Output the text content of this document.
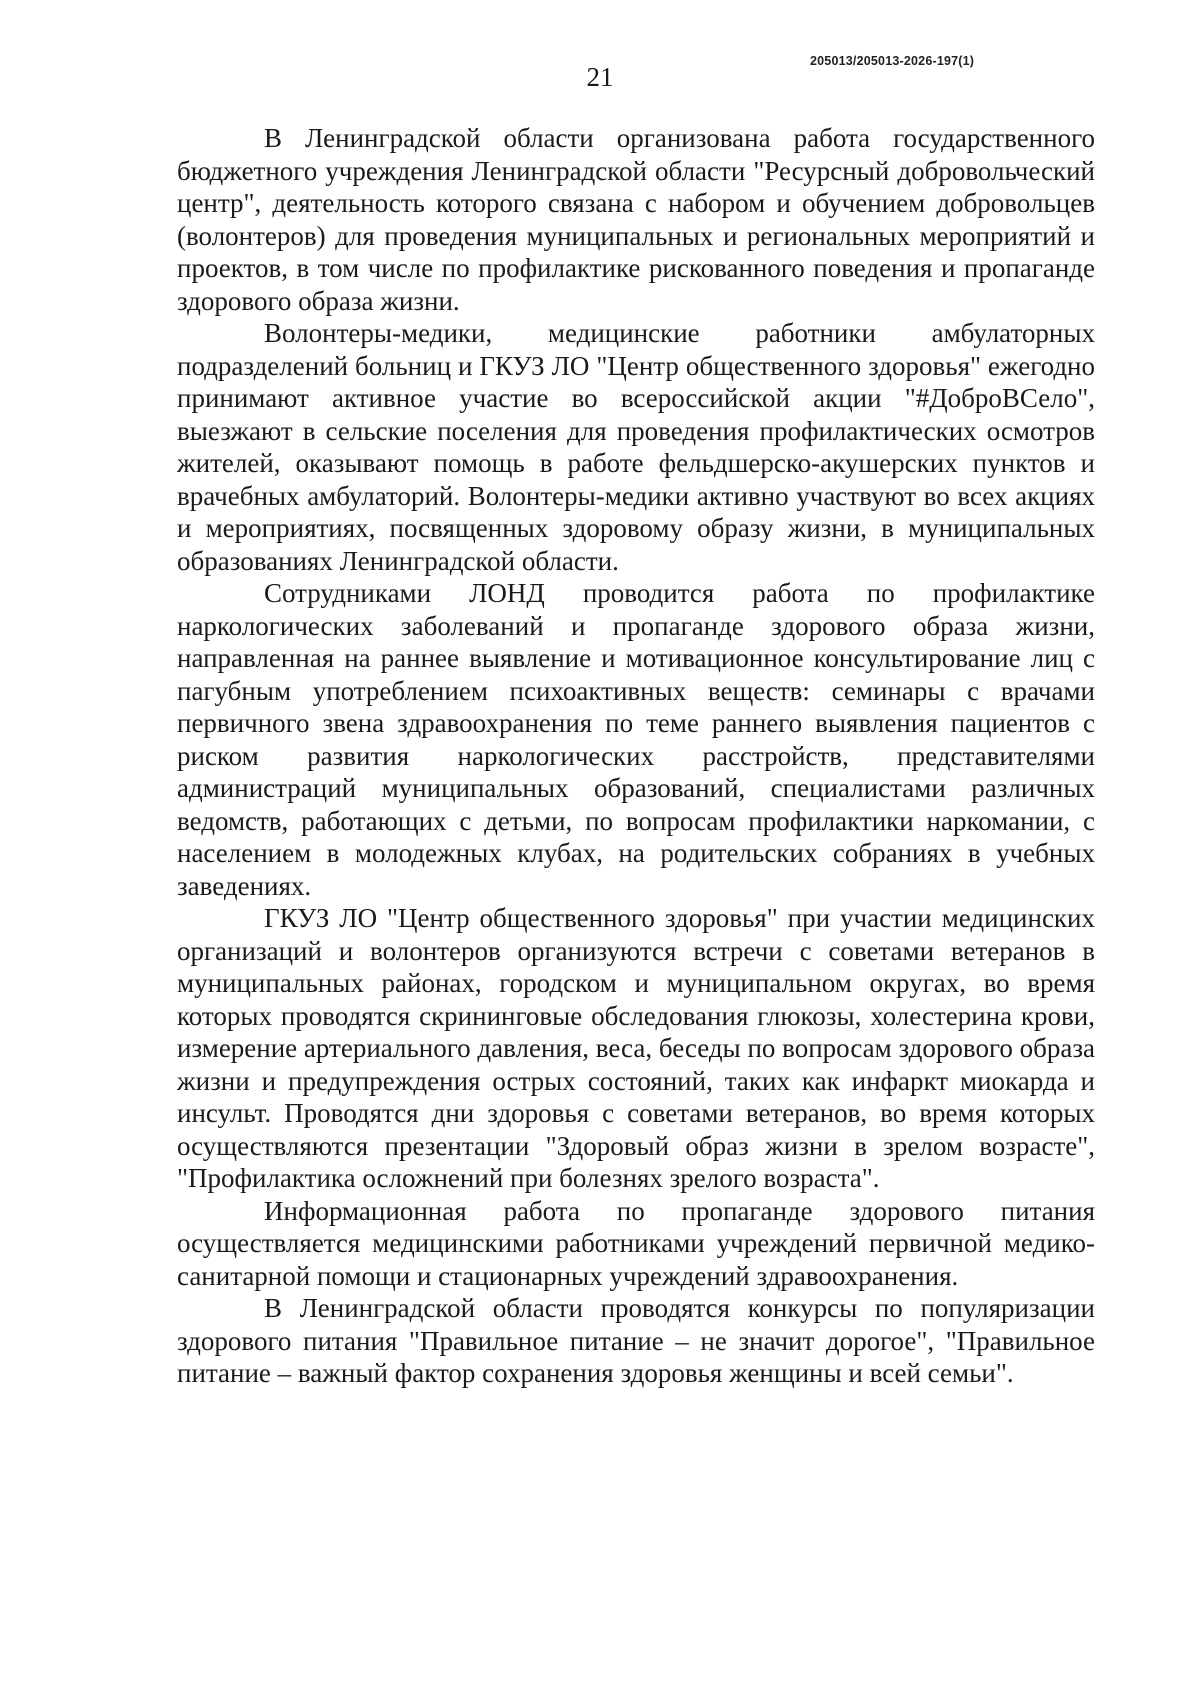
205013/205013-2026-197(1)
21

В Ленинградской области организована работа государственного бюджетного учреждения Ленинградской области "Ресурсный добровольческий центр", деятельность которого связана с набором и обучением добровольцев (волонтеров) для проведения муниципальных и региональных мероприятий и проектов, в том числе по профилактике рискованного поведения и пропаганде здорового образа жизни.

Волонтеры-медики, медицинские работники амбулаторных подразделений больниц и ГКУЗ ЛО "Центр общественного здоровья" ежегодно принимают активное участие во всероссийской акции "#ДоброВСело", выезжают в сельские поселения для проведения профилактических осмотров жителей, оказывают помощь в работе фельдшерско-акушерских пунктов и врачебных амбулаторий. Волонтеры-медики активно участвуют во всех акциях и мероприятиях, посвященных здоровому образу жизни, в муниципальных образованиях Ленинградской области.

Сотрудниками ЛОНД проводится работа по профилактике наркологических заболеваний и пропаганде здорового образа жизни, направленная на раннее выявление и мотивационное консультирование лиц с пагубным употреблением психоактивных веществ: семинары с врачами первичного звена здравоохранения по теме раннего выявления пациентов с риском развития наркологических расстройств, представителями администраций муниципальных образований, специалистами различных ведомств, работающих с детьми, по вопросам профилактики наркомании, с населением в молодежных клубах, на родительских собраниях в учебных заведениях.

ГКУЗ ЛО "Центр общественного здоровья" при участии медицинских организаций и волонтеров организуются встречи с советами ветеранов в муниципальных районах, городском и муниципальном округах, во время которых проводятся скрининговые обследования глюкозы, холестерина крови, измерение артериального давления, веса, беседы по вопросам здорового образа жизни и предупреждения острых состояний, таких как инфаркт миокарда и инсульт. Проводятся дни здоровья с советами ветеранов, во время которых осуществляются презентации "Здоровый образ жизни в зрелом возрасте", "Профилактика осложнений при болезнях зрелого возраста".

Информационная работа по пропаганде здорового питания осуществляется медицинскими работниками учреждений первичной медико-санитарной помощи и стационарных учреждений здравоохранения.

В Ленинградской области проводятся конкурсы по популяризации здорового питания "Правильное питание – не значит дорогое", "Правильное питание – важный фактор сохранения здоровья женщины и всей семьи".
